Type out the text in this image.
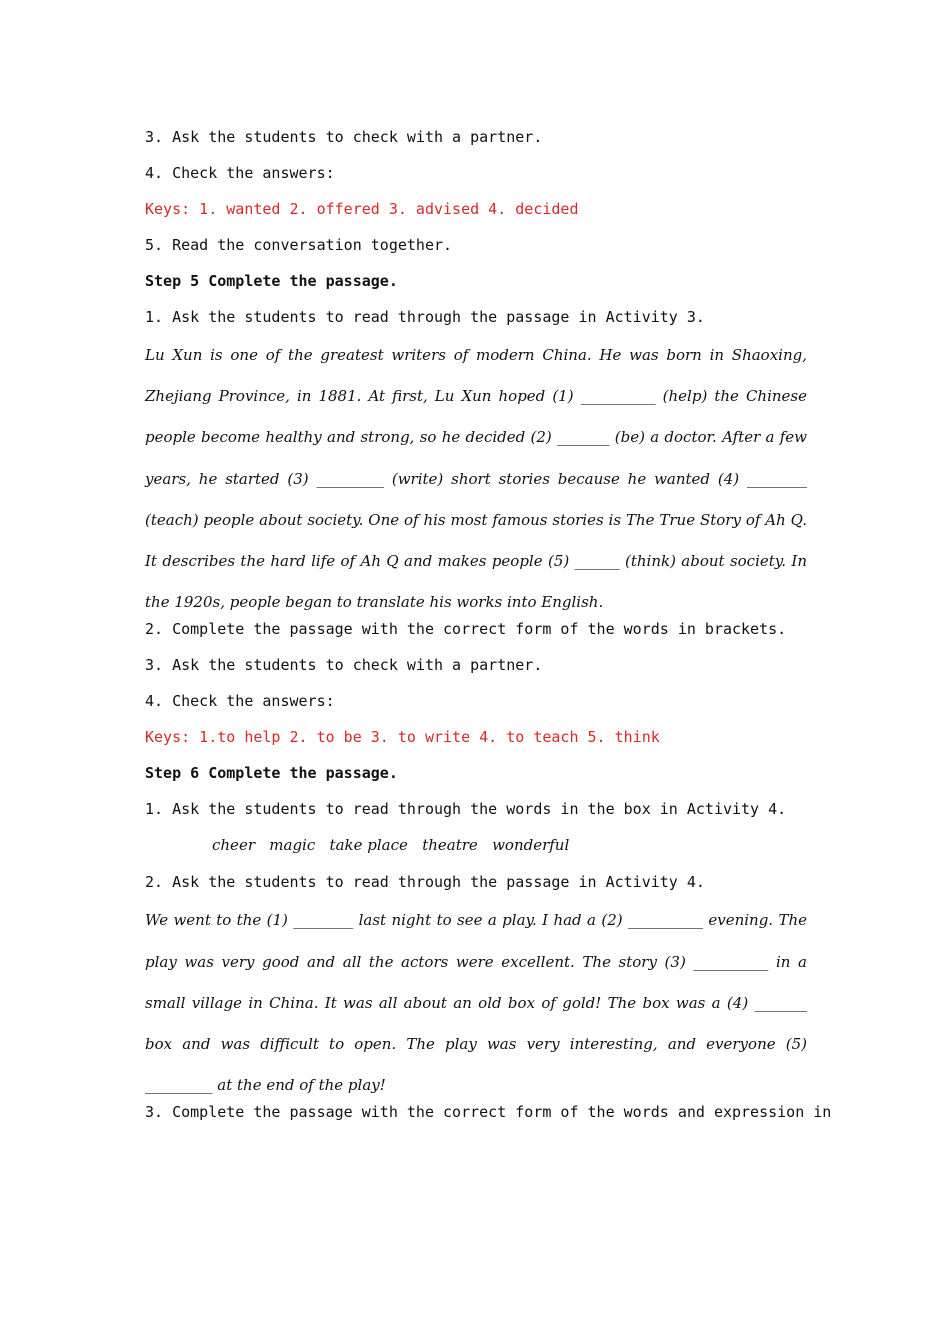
3. Ask the students to check with a partner.
4. Check the answers:
Keys: 1. wanted 2. offered 3. advised 4. decided
5. Read the conversation together.
Step 5 Complete the passage.
1. Ask the students to read through the passage in Activity 3.
Lu Xun is one of the greatest writers of modern China. He was born in Shaoxing, Zhejiang Province, in 1881. At first, Lu Xun hoped (1) __________ (help) the Chinese people become healthy and strong, so he decided (2) _______ (be) a doctor. After a few years, he started (3) _________ (write) short stories because he wanted (4) ________ (teach) people about society. One of his most famous stories is The True Story of Ah Q. It describes the hard life of Ah Q and makes people (5) ______ (think) about society. In the 1920s, people began to translate his works into English.
2. Complete the passage with the correct form of the words in brackets.
3. Ask the students to check with a partner.
4. Check the answers:
Keys: 1.to help 2. to be 3. to write 4. to teach 5. think
Step 6 Complete the passage.
1. Ask the students to read through the words in the box in Activity 4.
cheer   magic   take place   theatre   wonderful
2. Ask the students to read through the passage in Activity 4.
We went to the (1) ________ last night to see a play. I had a (2) __________ evening. The play was very good and all the actors were excellent. The story (3) __________ in a small village in China. It was all about an old box of gold! The box was a (4) _______ box and was difficult to open. The play was very interesting, and everyone (5) _________ at the end of the play!
3. Complete the passage with the correct form of the words and expression in
